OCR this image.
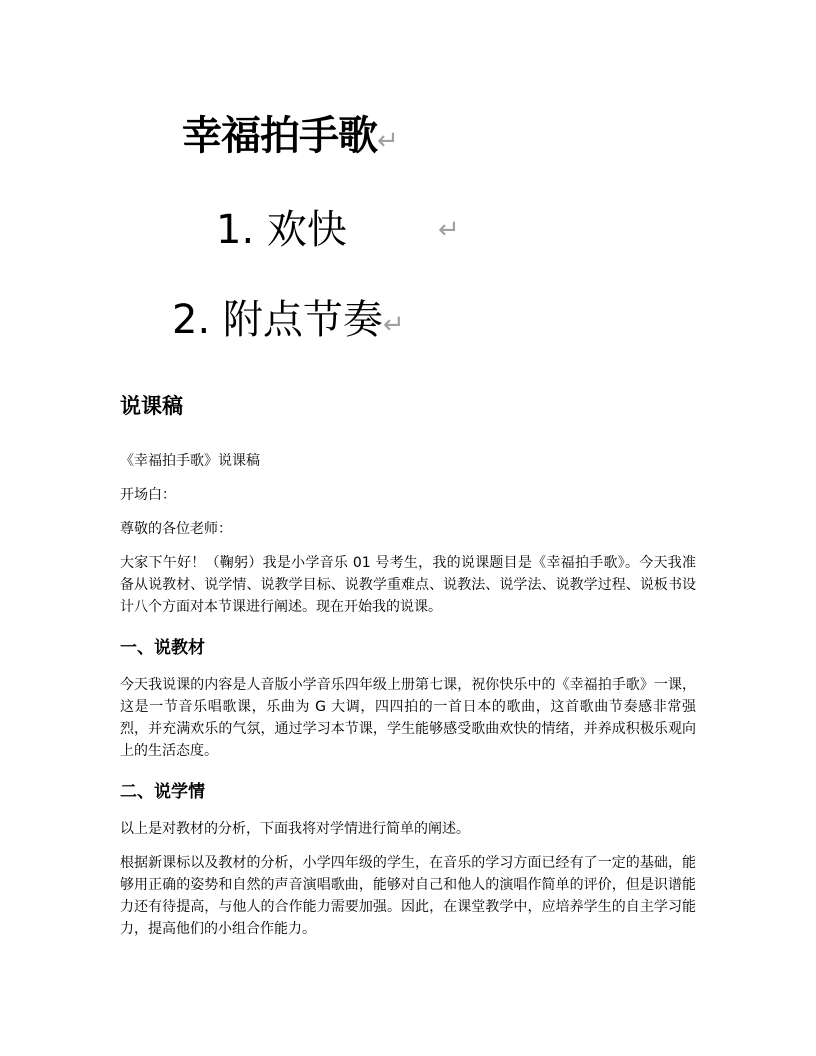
幸福拍手歌↵
1. 欢快	↵
2. 附点节奏↵
说课稿

《幸福拍手歌》说课稿

开场白：

尊敬的各位老师：

大家下午好！（鞠躬）我是小学音乐 01 号考生，我的说课题目是《幸福拍手歌》。今天我准备从说教材、说学情、说教学目标、说教学重难点、说教法、说学法、说教学过程、说板书设计八个方面对本节课进行阐述。现在开始我的说课。

一、说教材

今天我说课的内容是人音版小学音乐四年级上册第七课，祝你快乐中的《幸福拍手歌》一课，这是一节音乐唱歌课，乐曲为 G 大调，四四拍的一首日本的歌曲，这首歌曲节奏感非常强烈，并充满欢乐的气氛，通过学习本节课，学生能够感受歌曲欢快的情绪，并养成积极乐观向上的生活态度。

二、说学情

以上是对教材的分析，下面我将对学情进行简单的阐述。

根据新课标以及教材的分析，小学四年级的学生，在音乐的学习方面已经有了一定的基础，能够用正确的姿势和自然的声音演唱歌曲，能够对自己和他人的演唱作简单的评价，但是识谱能力还有待提高，与他人的合作能力需要加强。因此，在课堂教学中，应培养学生的自主学习能力，提高他们的小组合作能力。
